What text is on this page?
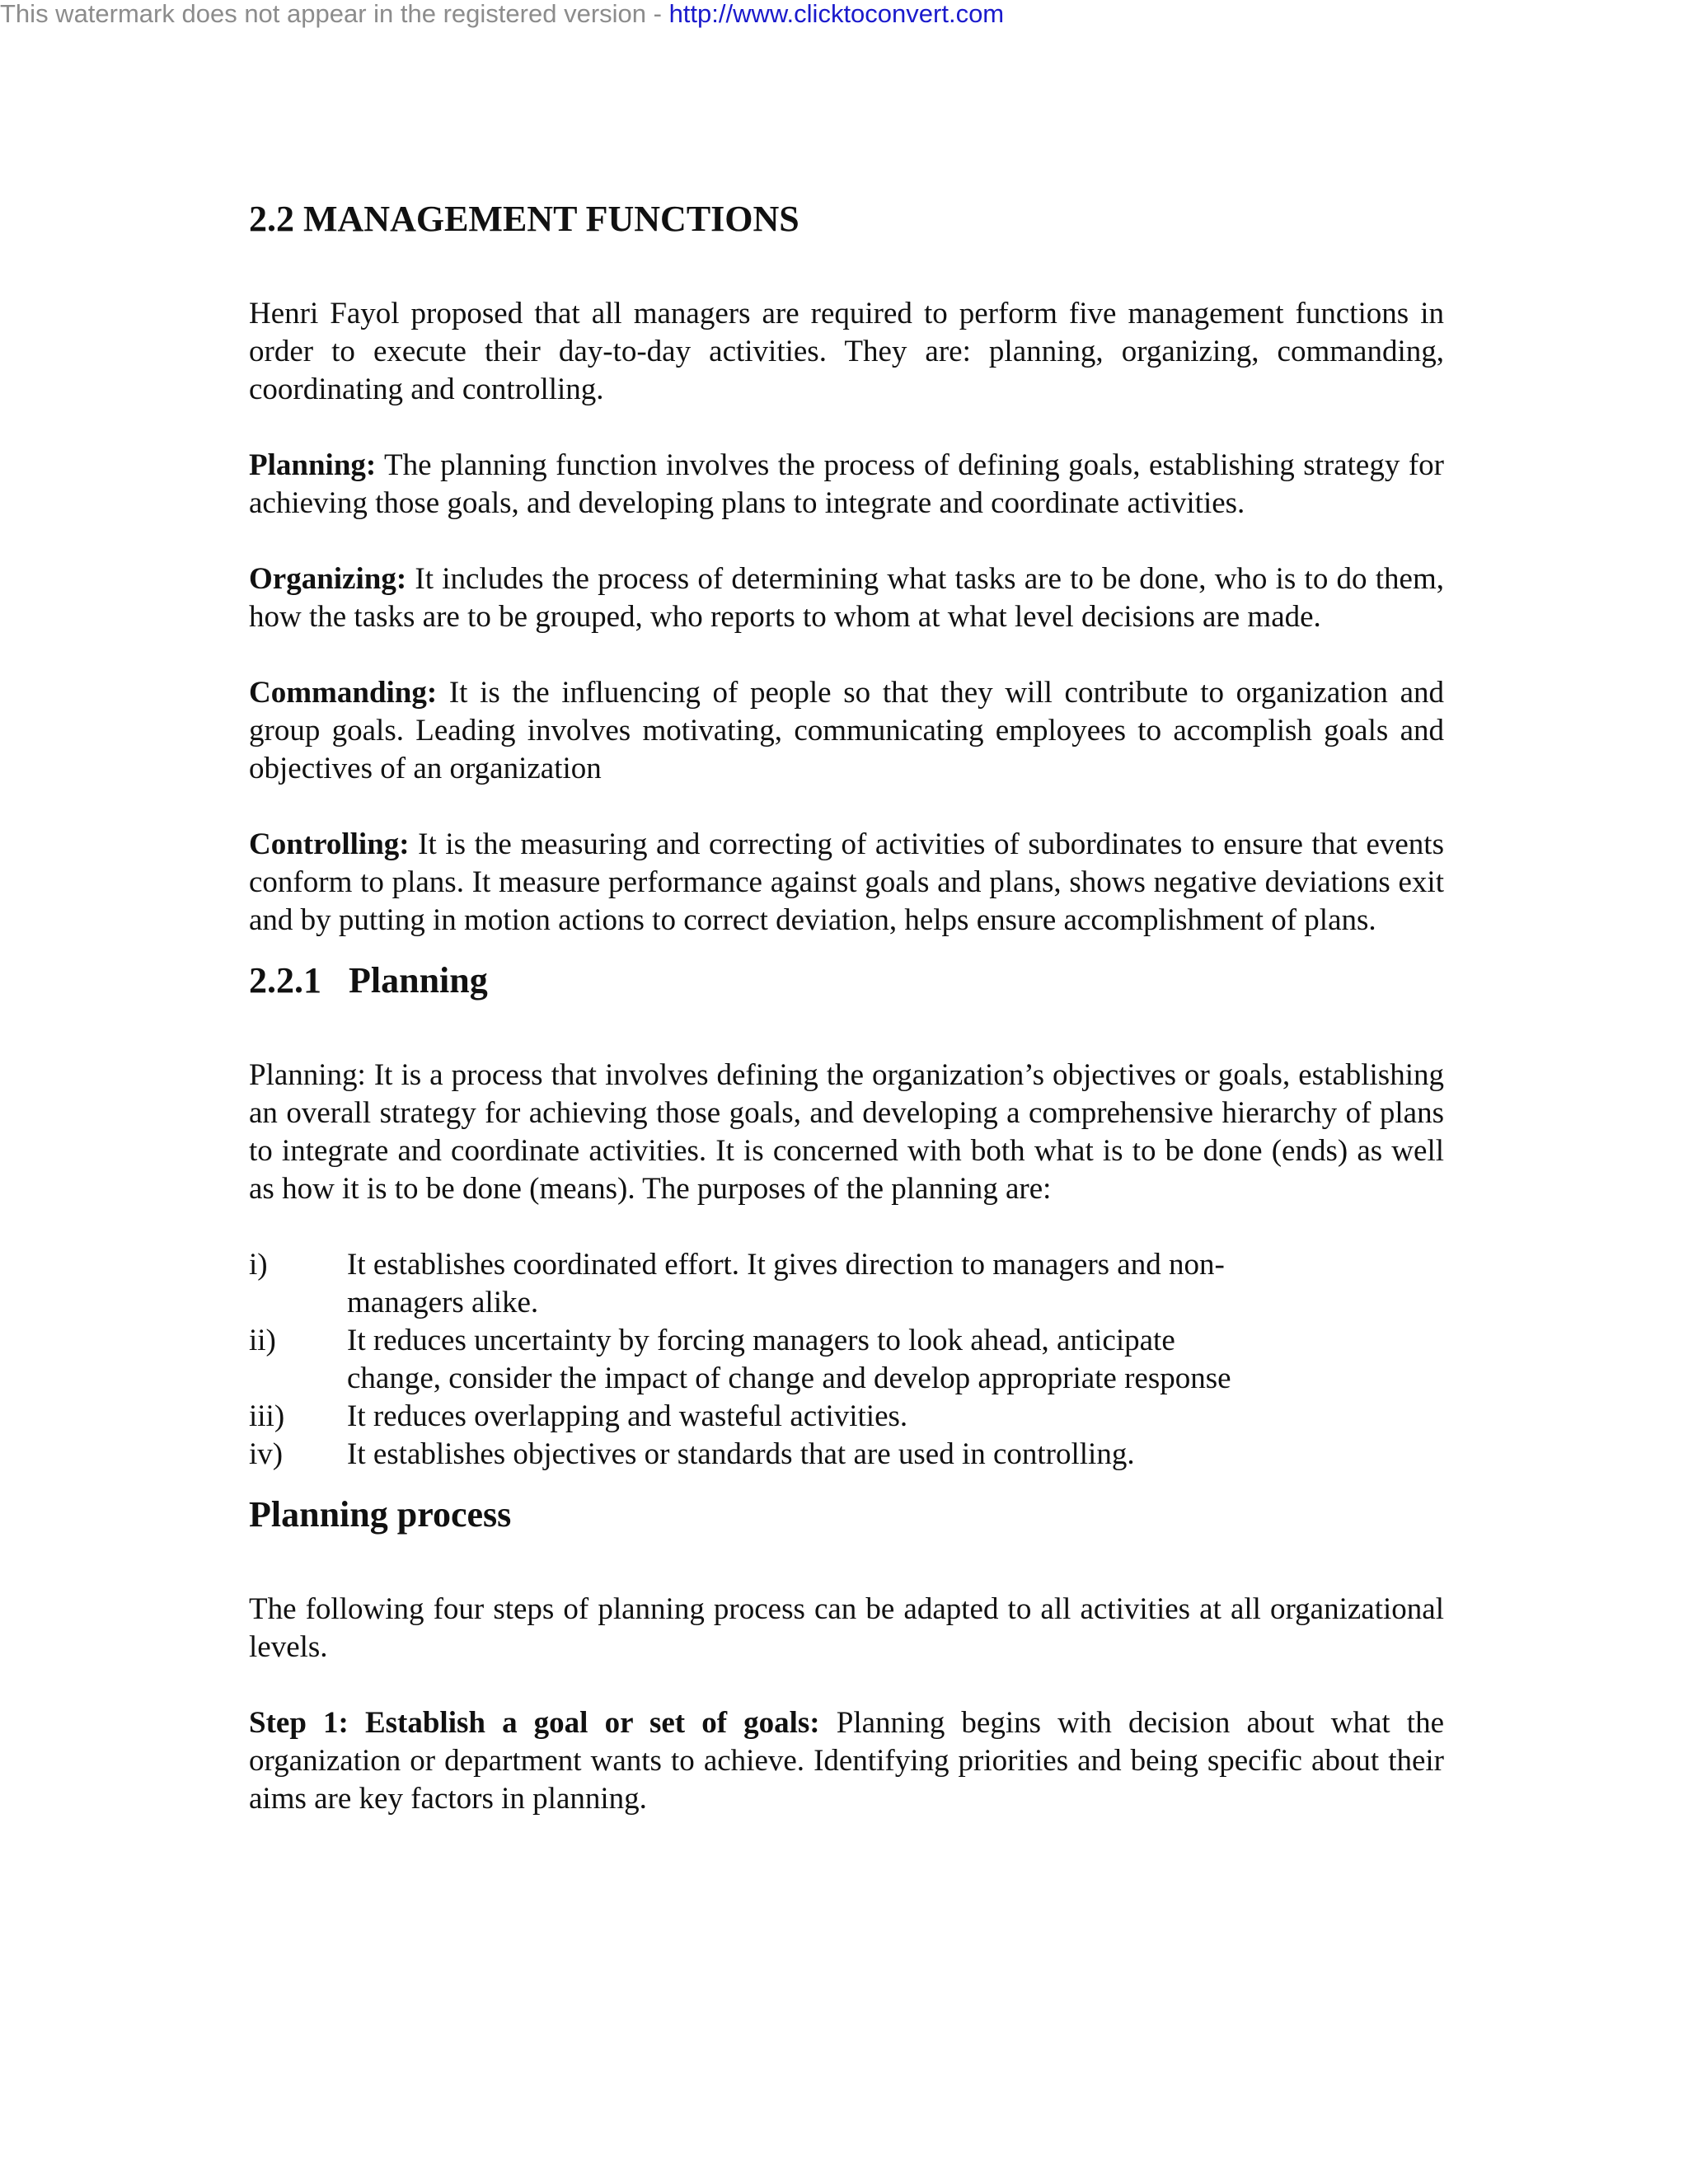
This watermark does not appear in the registered version - http://www.clicktoconvert.com
2.2 MANAGEMENT FUNCTIONS

Henri Fayol proposed that all managers are required to perform five management functions in order to execute their day-to-day activities. They are: planning, organizing, commanding, coordinating and controlling.

Planning: The planning function involves the process of defining goals, establishing strategy for achieving those goals, and developing plans to integrate and coordinate activities.

Organizing: It includes the process of determining what tasks are to be done, who is to do them, how the tasks are to be grouped, who reports to whom at what level decisions are made.

Commanding: It is the influencing of people so that they will contribute to organization and group goals. Leading involves motivating, communicating employees to accomplish goals and objectives of an organization

Controlling: It is the measuring and correcting of activities of subordinates to ensure that events conform to plans. It measure performance against goals and plans, shows negative deviations exit and by putting in motion actions to correct deviation, helps ensure accomplishment of plans.

2.2.1   Planning

Planning: It is a process that involves defining the organization’s objectives or goals, establishing an overall strategy for achieving those goals, and developing a comprehensive hierarchy of plans to integrate and coordinate activities. It is concerned with both what is to be done (ends) as well as how it is to be done (means). The purposes of the planning are:

i)	It establishes coordinated effort. It gives direction to managers and non-
managers alike.
ii) It reduces uncertainty by forcing managers to look ahead, anticipate
change, consider the impact of change and develop appropriate response
iii) It reduces overlapping and wasteful activities.
iv) It establishes objectives or standards that are used in controlling.
Planning process

The following four steps of planning process can be adapted to all activities at all organizational levels.

Step 1: Establish a goal or set of goals: Planning begins with decision about what the organization or department wants to achieve. Identifying priorities and being specific about their aims are key factors in planning.
